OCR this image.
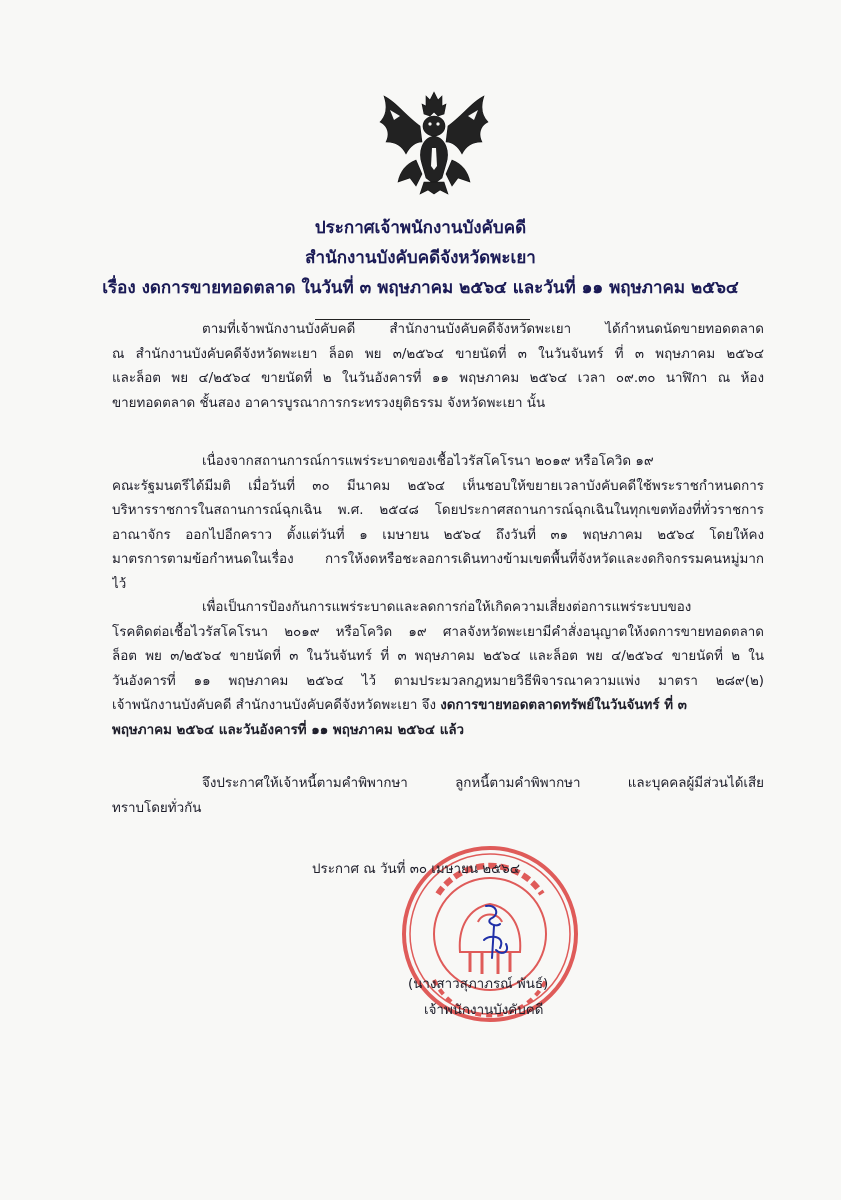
ประกาศเจ้าพนักงานบังคับคดี
สำนักงานบังคับคดีจังหวัดพะเยา
เรื่อง งดการขายทอดตลาด ในวันที่ ๓ พฤษภาคม ๒๕๖๔ และวันที่ ๑๑ พฤษภาคม ๒๕๖๔
ตามที่เจ้าพนักงานบังคับคดี สำนักงานบังคับคดีจังหวัดพะเยา ได้กำหนดนัดขายทอดตลาด
ณ สำนักงานบังคับคดีจังหวัดพะเยา ล็อต พย ๓/๒๕๖๔ ขายนัดที่ ๓ ในวันจันทร์ ที่ ๓ พฤษภาคม ๒๕๖๔
และล็อต พย ๔/๒๕๖๔ ขายนัดที่ ๒ ในวันอังคารที่ ๑๑ พฤษภาคม ๒๕๖๔ เวลา ๐๙.๓๐ นาฬิกา ณ ห้อง
ขายทอดตลาด ชั้นสอง อาคารบูรณาการกระทรวงยุติธรรม จังหวัดพะเยา นั้น
เนื่องจากสถานการณ์การแพร่ระบาดของเชื้อไวรัสโคโรนา ๒๐๑๙ หรือโควิด ๑๙
คณะรัฐมนตรีได้มีมติ เมื่อวันที่ ๓๐ มีนาคม ๒๕๖๔ เห็นชอบให้ขยายเวลาบังคับคดีใช้พระราชกำหนดการ
บริหารราชการในสถานการณ์ฉุกเฉิน พ.ศ. ๒๕๔๘ โดยประกาศสถานการณ์ฉุกเฉินในทุกเขตท้องที่ทั่วราชการ
อาณาจักร ออกไปอีกคราว ตั้งแต่วันที่ ๑ เมษายน ๒๕๖๔ ถึงวันที่ ๓๑ พฤษภาคม ๒๕๖๔ โดยให้คง
มาตรการตามข้อกำหนดในเรื่อง การให้งดหรือชะลอการเดินทางข้ามเขตพื้นที่จังหวัดและงดกิจกรรมคนหมู่มาก
ไว้
เพื่อเป็นการป้องกันการแพร่ระบาดและลดการก่อให้เกิดความเสี่ยงต่อการแพร่ระบบของ
โรคติดต่อเชื้อไวรัสโคโรนา ๒๐๑๙ หรือโควิด ๑๙ ศาลจังหวัดพะเยามีคำสั่งอนุญาตให้งดการขายทอดตลาด
ล็อต พย ๓/๒๕๖๔ ขายนัดที่ ๓ ในวันจันทร์ ที่ ๓ พฤษภาคม ๒๕๖๔ และล็อต พย ๔/๒๕๖๔ ขายนัดที่ ๒ ใน
วันอังคารที่ ๑๑ พฤษภาคม ๒๕๖๔ ไว้ ตามประมวลกฎหมายวิธีพิจารณาความแพ่ง มาตรา ๒๘๙(๒)
เจ้าพนักงานบังคับคดี สำนักงานบังคับคดีจังหวัดพะเยา จึง งดการขายทอดตลาดทรัพย์ในวันจันทร์ ที่ ๓
พฤษภาคม ๒๕๖๔ และวันอังคารที่ ๑๑ พฤษภาคม ๒๕๖๔ แล้ว
จึงประกาศให้เจ้าหนี้ตามคำพิพากษา ลูกหนี้ตามคำพิพากษา และบุคคลผู้มีส่วนได้เสีย
ทราบโดยทั่วกัน
ประกาศ ณ วันที่ ๓๐ เมษายน ๒๕๖๔
(นางสาวสุภาภรณ์ พันธ์)
เจ้าพนักงานบังคับคดี
